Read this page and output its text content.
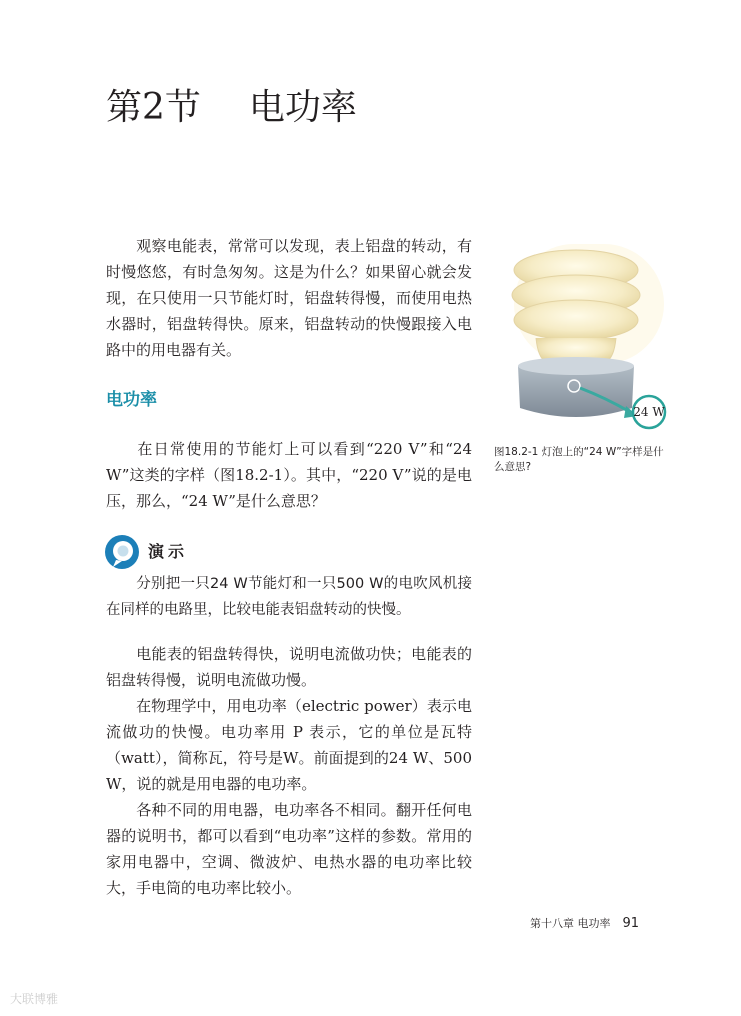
第2节 电功率

观察电能表，常常可以发现，表上铝盘的转动，有时慢悠悠，有时急匆匆。这是为什么？如果留心就会发现，在只使用一只节能灯时，铝盘转得慢，而使用电热水器时，铝盘转得快。原来，铝盘转动的快慢跟接入电路中的用电器有关。

电功率

在日常使用的节能灯上可以看到“220 V”和“24 W”这类的字样（图18.2-1）。其中，“220 V”说的是电压，那么，“24 W”是什么意思？

演示

分别把一只24 W节能灯和一只500 W的电吹风机接在同样的电路里，比较电能表铝盘转动的快慢。

电能表的铝盘转得快，说明电流做功快；电能表的铝盘转得慢，说明电流做功慢。

在物理学中，用电功率（electric power）表示电流做功的快慢。电功率用 P 表示，它的单位是瓦特（watt），简称瓦，符号是W。前面提到的24 W、500 W，说的就是用电器的电功率。

各种不同的用电器，电功率各不相同。翻开任何电器的说明书，都可以看到“电功率”这样的参数。常用的家用电器中，空调、微波炉、电热水器的电功率比较大，手电筒的电功率比较小。

24 W
图18.2-1 灯泡上的“24 W”字样是什么意思?
第十八章 电功率 91
大联博雅
